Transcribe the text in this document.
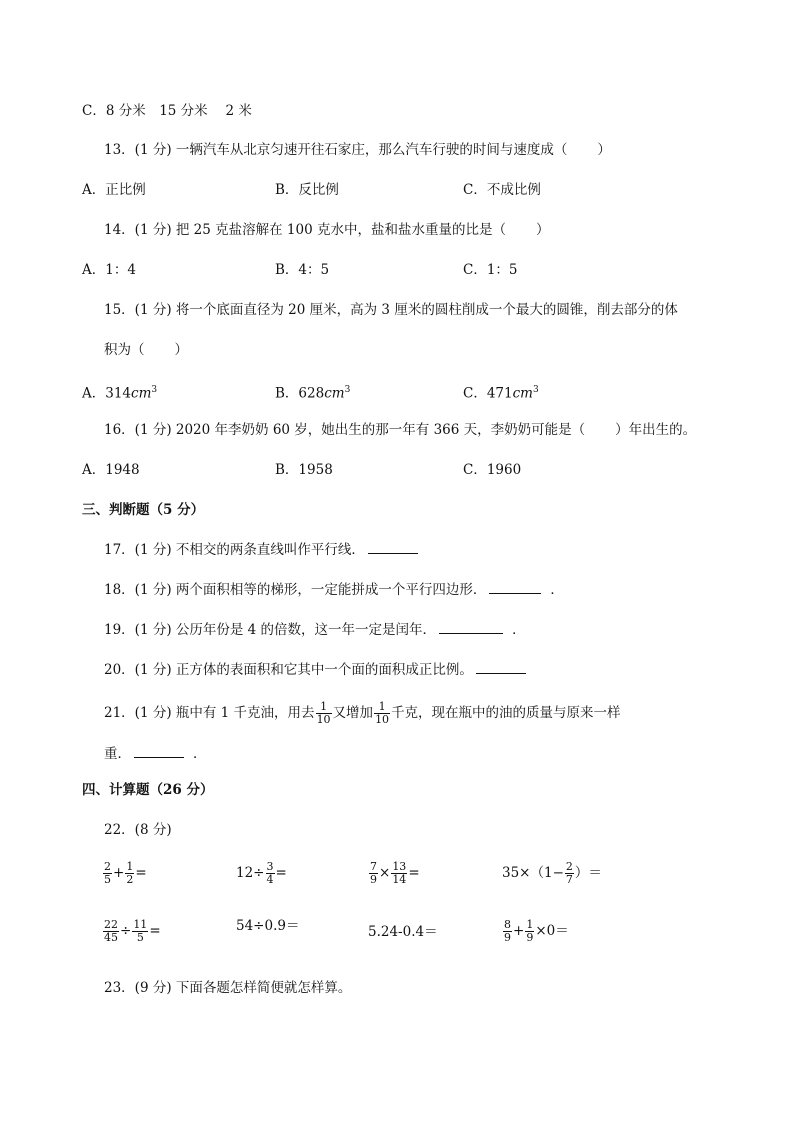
C．8 分米　15 分米　 2 米
13．(1 分) 一辆汽车从北京匀速开往石家庄，那么汽车行驶的时间与速度成（ ）
A．正比例	B．反比例	C．不成比例
14．(1 分) 把 25 克盐溶解在 100 克水中，盐和盐水重量的比是（ ）
A．1：4	B．4：5	C．1：5
15．(1 分) 将一个底面直径为 20 厘米，高为 3 厘米的圆柱削成一个最大的圆锥，削去部分的体
积为（ ）
A．$314cm^3$	B．$628cm^3$	C．$471cm^3$
16．(1 分) 2020 年李奶奶 60 岁，她出生的那一年有 366 天，李奶奶可能是（ ）年出生的。
A．1948	B．1958	C．1960
三、判断题（5 分）
17．(1 分) 不相交的两条直线叫作平行线．
18．(1 分) 两个面积相等的梯形，一定能拼成一个平行四边形．	．
19．(1 分) 公历年份是 4 的倍数，这一年一定是闰年．	．
20．(1 分) 正方体的表面积和它其中一个面的面积成正比例。
21．(1 分) 瓶中有 1 千克油，用去 $\frac{1}{10}$ 又增加 $\frac{1}{10}$ 千克，现在瓶中的油的质量与原来一样
重．	．
四、计算题（26 分）
22．(8 分)
$\frac{2}{5} + \frac{1}{2}$ =	$12\div \frac{3}{4}$ =	$\frac{7}{9} \times \frac{13}{14}$ =	$35\times(1- \frac{2}{7}$ ）＝
$\frac{22}{45} \div \frac{11}{5}$ =	54÷0.9＝	5.24-0.4＝	$\frac{8}{9} + \frac{1}{9} \times 0=$
23．(9 分) 下面各题怎样简便就怎样算。
